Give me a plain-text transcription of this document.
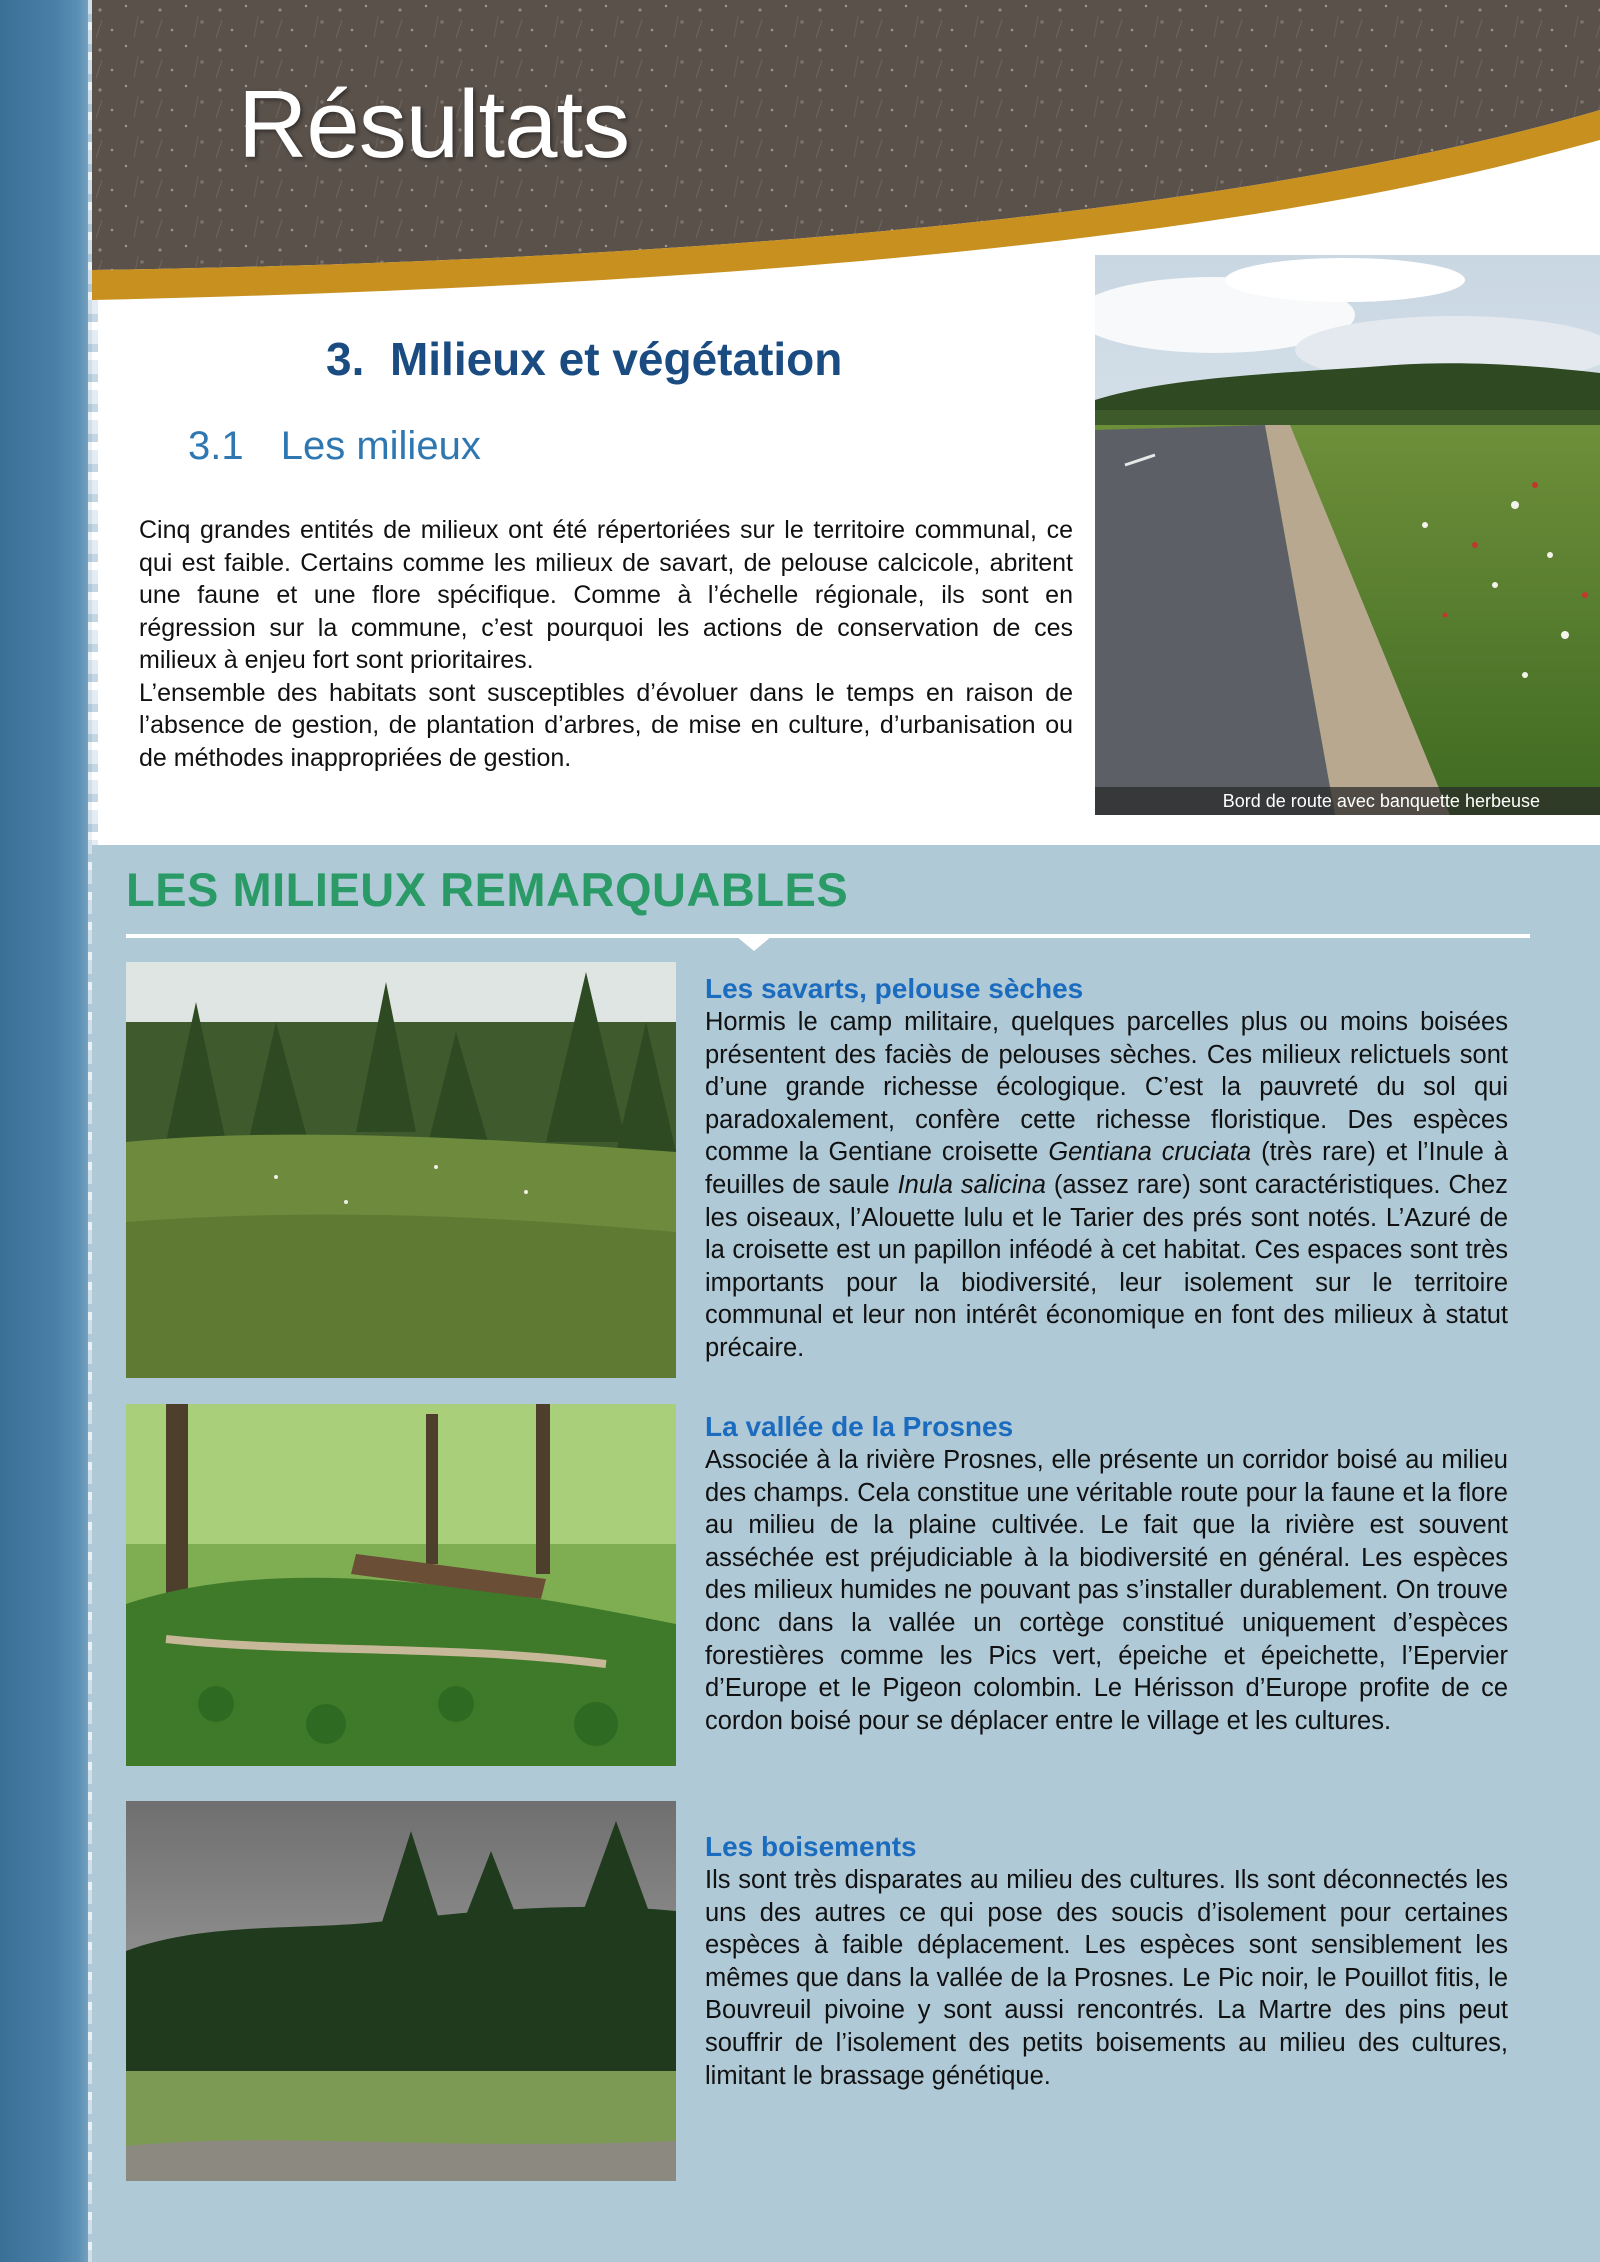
Résultats
3. Milieux et végétation
3.1 Les milieux

Cinq grandes entités de milieux ont été répertoriées sur le territoire communal, ce qui est faible. Certains comme les milieux de savart, de pelouse calcicole, abritent une faune et une flore spécifique. Comme à l’échelle régionale, ils sont en régression sur la commune, c’est pourquoi les actions de conservation de ces milieux à enjeu fort sont prioritaires.

L’ensemble des habitats sont susceptibles d’évoluer dans le temps en raison de l’absence de gestion, de plantation d’arbres, de mise en culture, d’urbanisation ou de méthodes inappropriées de gestion.

Bord de route avec banquette herbeuse
LES MILIEUX REMARQUABLES
Les savarts, pelouse sèches

Hormis le camp militaire, quelques parcelles plus ou moins boisées présentent des faciès de pelouses sèches. Ces milieux relictuels sont d’une grande richesse écologique. C’est la pauvreté du sol qui paradoxalement, confère cette richesse floristique. Des espèces comme la Gentiane croisette Gentiana cruciata (très rare) et l’Inule à feuilles de saule Inula salicina (assez rare) sont caractéristiques. Chez les oiseaux, l’Alouette lulu et le Tarier des prés sont notés. L’Azuré de la croisette est un papillon inféodé à cet habitat. Ces espaces sont très importants pour la biodiversité, leur isolement sur le territoire communal et leur non intérêt économique en font des milieux à statut précaire.

La vallée de la Prosnes

Associée à la rivière Prosnes, elle présente un corridor boisé au milieu des champs. Cela constitue une véritable route pour la faune et la flore au milieu de la plaine cultivée. Le fait que la rivière est souvent asséchée est préjudiciable à la biodiversité en général. Les espèces des milieux humides ne pouvant pas s’installer durablement. On trouve donc dans la vallée un cortège constitué uniquement d’espèces forestières comme les Pics vert, épeiche et épeichette, l’Epervier d’Europe et le Pigeon colombin. Le Hérisson d’Europe profite de ce cordon boisé pour se déplacer entre le village et les cultures.

Les boisements

Ils sont très disparates au milieu des cultures. Ils sont déconnectés les uns des autres ce qui pose des soucis d’isolement pour certaines espèces à faible déplacement. Les espèces sont sensiblement les mêmes que dans la vallée de la Prosnes. Le Pic noir, le Pouillot fitis, le Bouvreuil pivoine y sont aussi rencontrés. La Martre des pins peut souffrir de l’isolement des petits boisements au milieu des cultures, limitant le brassage génétique.
